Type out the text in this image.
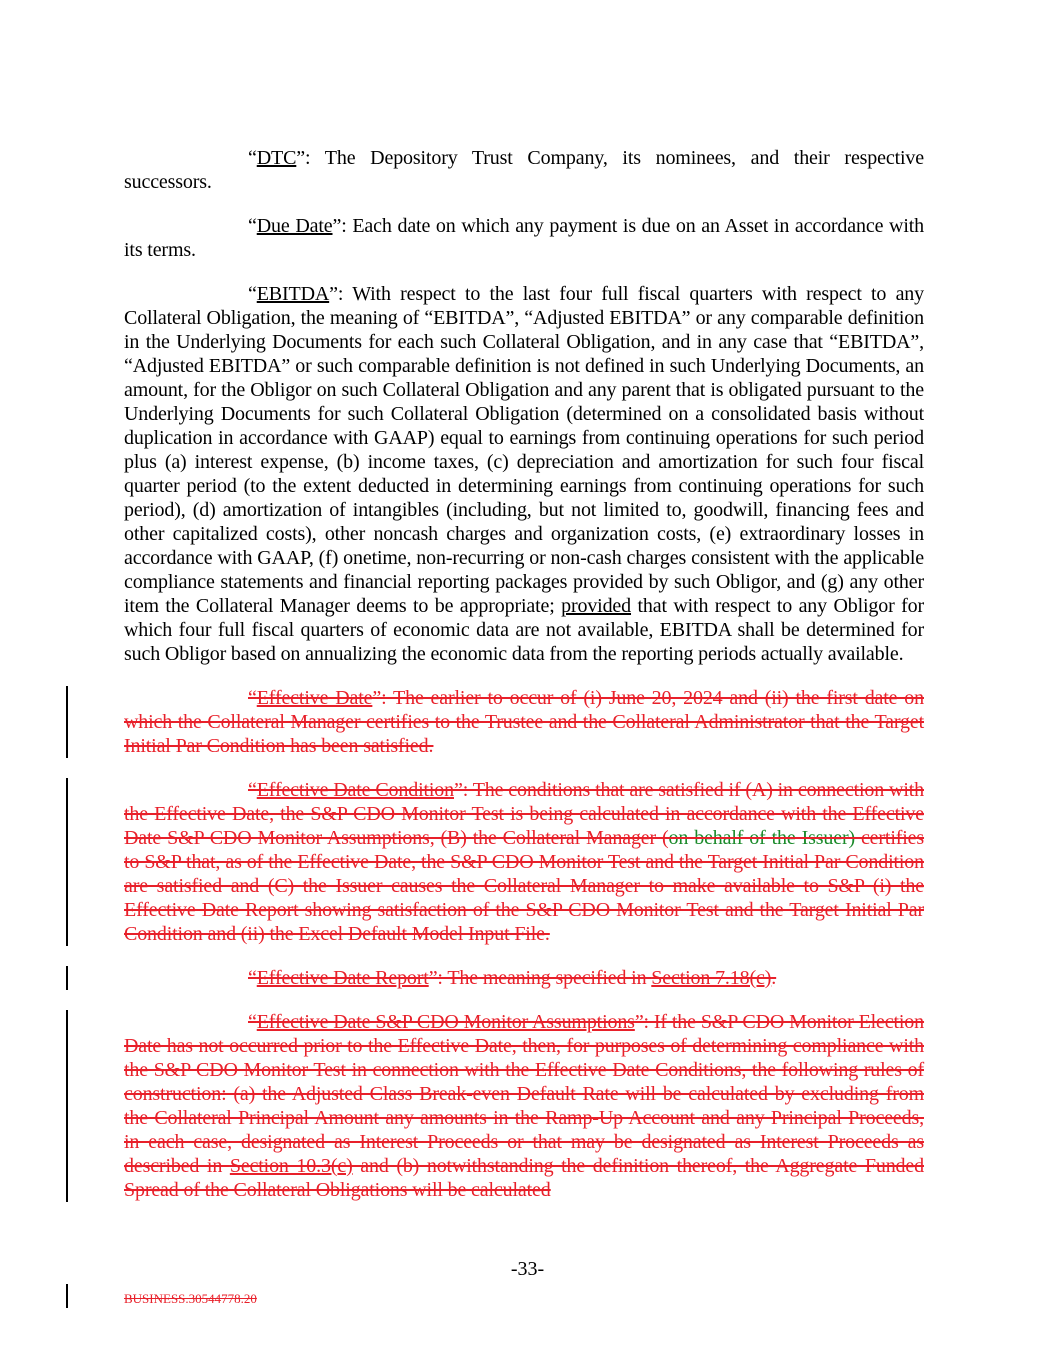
“DTC”: The Depository Trust Company, its nominees, and their respective successors.

“Due Date”: Each date on which any payment is due on an Asset in accordance with its terms.

“EBITDA”: With respect to the last four full fiscal quarters with respect to any Collateral Obligation, the meaning of “EBITDA”, “Adjusted EBITDA” or any comparable definition in the Underlying Documents for each such Collateral Obligation, and in any case that “EBITDA”, “Adjusted EBITDA” or such comparable definition is not defined in such Underlying Documents, an amount, for the Obligor on such Collateral Obligation and any parent that is obligated pursuant to the Underlying Documents for such Collateral Obligation (determined on a consolidated basis without duplication in accordance with GAAP) equal to earnings from continuing operations for such period plus (a) interest expense, (b) income taxes, (c) depreciation and amortization for such four fiscal quarter period (to the extent deducted in determining earnings from continuing operations for such period), (d) amortization of intangibles (including, but not limited to, goodwill, financing fees and other capitalized costs), other noncash charges and organization costs, (e) extraordinary losses in accordance with GAAP, (f) onetime, non-recurring or non-cash charges consistent with the applicable compliance statements and financial reporting packages provided by such Obligor, and (g) any other item the Collateral Manager deems to be appropriate; provided that with respect to any Obligor for which four full fiscal quarters of economic data are not available, EBITDA shall be determined for such Obligor based on annualizing the economic data from the reporting periods actually available.

“Effective Date”: The earlier to occur of (i) June 20, 2024 and (ii) the first date on which the Collateral Manager certifies to the Trustee and the Collateral Administrator that the Target Initial Par Condition has been satisfied.

“Effective Date Condition”: The conditions that are satisfied if (A) in connection with the Effective Date, the S&P CDO Monitor Test is being calculated in accordance with the Effective Date S&P CDO Monitor Assumptions, (B) the Collateral Manager (on behalf of the Issuer) certifies to S&P that, as of the Effective Date, the S&P CDO Monitor Test and the Target Initial Par Condition are satisfied and (C) the Issuer causes the Collateral Manager to make available to S&P (i) the Effective Date Report showing satisfaction of the S&P CDO Monitor Test and the Target Initial Par Condition and (ii) the Excel Default Model Input File.

“Effective Date Report”: The meaning specified in Section 7.18(c).

“Effective Date S&P CDO Monitor Assumptions”: If the S&P CDO Monitor Election Date has not occurred prior to the Effective Date, then, for purposes of determining compliance with the S&P CDO Monitor Test in connection with the Effective Date Conditions, the following rules of construction: (a) the Adjusted Class Break-even Default Rate will be calculated by excluding from the Collateral Principal Amount any amounts in the Ramp-Up Account and any Principal Proceeds, in each case, designated as Interest Proceeds or that may be designated as Interest Proceeds as described in Section 10.3(c) and (b) notwithstanding the definition thereof, the Aggregate Funded Spread of the Collateral Obligations will be calculated

-33-
BUSINESS.30544778.20
